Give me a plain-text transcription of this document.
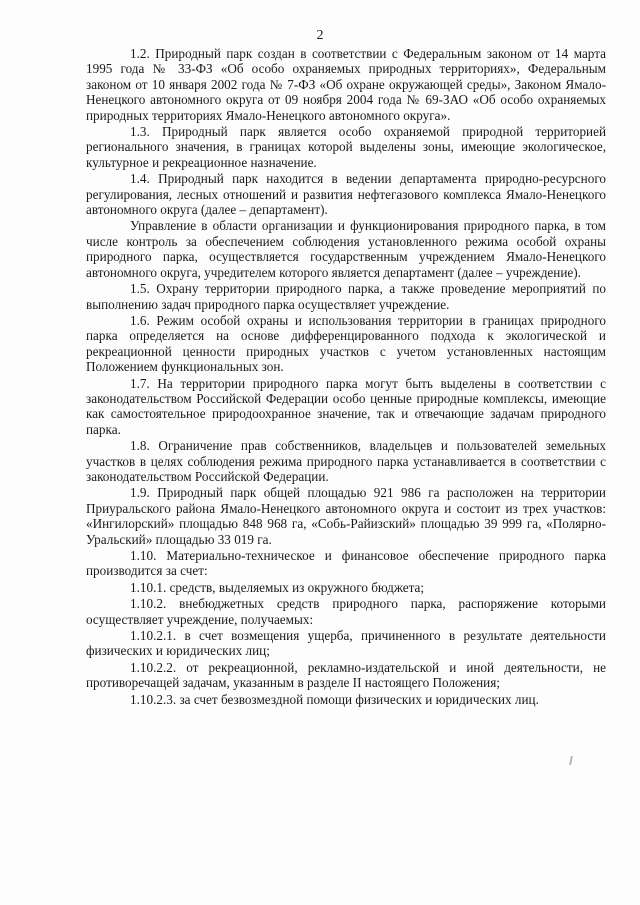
2

1.2. Природный парк создан в соответствии с Федеральным законом от 14 марта 1995 года № 33-ФЗ «Об особо охраняемых природных территориях», Федеральным законом от 10 января 2002 года № 7-ФЗ «Об охране окружающей среды», Законом Ямало-Ненецкого автономного округа от 09 ноября 2004 года № 69-ЗАО «Об особо охраняемых природных территориях Ямало-Ненецкого автономного округа».

1.3. Природный парк является особо охраняемой природной территорией регионального значения, в границах которой выделены зоны, имеющие экологическое, культурное и рекреационное назначение.

1.4. Природный парк находится в ведении департамента природно-ресурсного регулирования, лесных отношений и развития нефтегазового комплекса Ямало-Ненецкого автономного округа (далее – департамент).

Управление в области организации и функционирования природного парка, в том числе контроль за обеспечением соблюдения установленного режима особой охраны природного парка, осуществляется государственным учреждением Ямало-Ненецкого автономного округа, учредителем которого является департамент (далее – учреждение).

1.5. Охрану территории природного парка, а также проведение мероприятий по выполнению задач природного парка осуществляет учреждение.

1.6. Режим особой охраны и использования территории в границах природного парка определяется на основе дифференцированного подхода к экологической и рекреационной ценности природных участков с учетом установленных настоящим Положением функциональных зон.

1.7. На территории природного парка могут быть выделены в соответствии с законодательством Российской Федерации особо ценные природные комплексы, имеющие как самостоятельное природоохранное значение, так и отвечающие задачам природного парка.

1.8. Ограничение прав собственников, владельцев и пользователей земельных участков в целях соблюдения режима природного парка устанавливается в соответствии с законодательством Российской Федерации.

1.9. Природный парк общей площадью 921 986 га расположен на территории Приуральского района Ямало-Ненецкого автономного округа и состоит из трех участков: «Ингилорский» площадью 848 968 га, «Собь-Райизский» площадью 39 999 га, «Полярно-Уральский» площадью 33 019 га.

1.10. Материально-техническое и финансовое обеспечение природного парка производится за счет:

1.10.1. средств, выделяемых из окружного бюджета;

1.10.2. внебюджетных средств природного парка, распоряжение которыми осуществляет учреждение, получаемых:

1.10.2.1. в счет возмещения ущерба, причиненного в результате деятельности физических и юридических лиц;

1.10.2.2. от рекреационной, рекламно-издательской и иной деятельности, не противоречащей задачам, указанным в разделе II настоящего Положения;

1.10.2.3. за счет безвозмездной помощи физических и юридических лиц.
